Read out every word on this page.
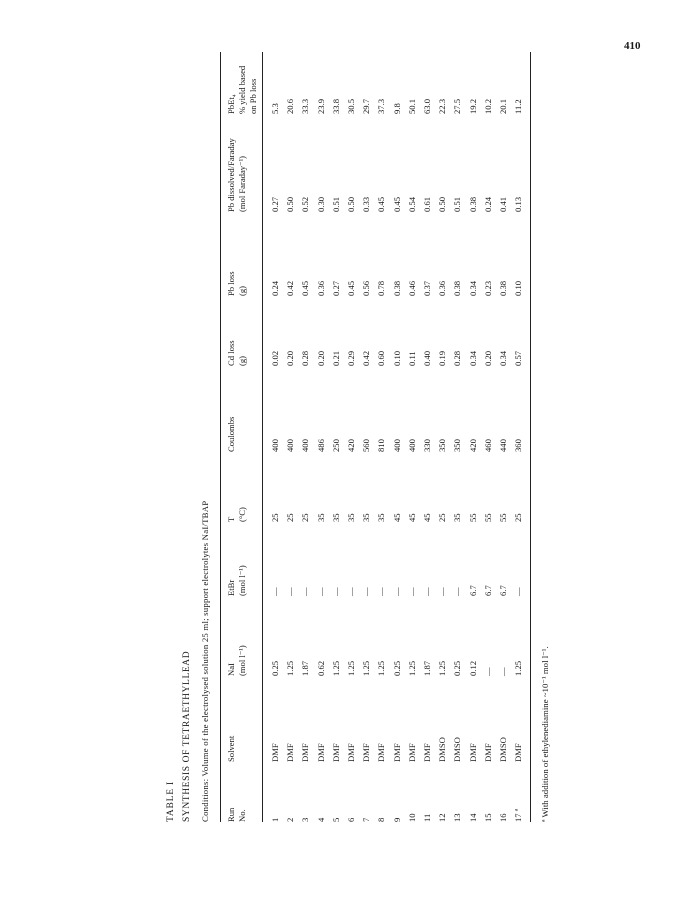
410
TABLE I SYNTHESIS OF TETRAETHYLLEAD Conditions: Volume of the electrolysed solution 25 ml; support electrolytes NaI/TBAP Run No.
Solvent

NaI (mol l⁻¹)
EtBr (mol l⁻¹)
T (°C)
Coulombs

Cd loss (g)
Pb loss (g)
Pb dissolved/Faraday (mol Faraday⁻¹)
PbEt₄ % yield based on Pb loss
1
DMF
0.25
—
25
400
0.02
0.24
0.27
5.3
2
DMF
1.25
—
25
400
0.20
0.42
0.50
20.6
3
DMF
1.87
—
25
400
0.28
0.45
0.52
33.3
4
DMF
0.62
—
35
486
0.20
0.36
0.30
23.9
5
DMF
1.25
—
35
250
0.21
0.27
0.51
33.8
6
DMF
1.25
—
35
420
0.29
0.45
0.50
30.5
7
DMF
1.25
—
35
560
0.42
0.56
0.33
29.7
8
DMF
1.25
—
35
810
0.60
0.78
0.45
37.3
9
DMF
0.25
—
45
400
0.10
0.38
0.45
9.8
10
DMF
1.25
—
45
400
0.11
0.46
0.54
50.1
11
DMF
1.87
—
45
330
0.40
0.37
0.61
63.0
12
DMSO
1.25
—
25
350
0.19
0.36
0.50
22.3
13
DMSO
0.25
—
35
350
0.28
0.38
0.51
27.5
14
DMF
0.12
6.7
55
420
0.34
0.34
0.38
19.2
15
DMF
—
6.7
55
460
0.20
0.23
0.24
10.2
16
DMSO
—
6.7
55
440
0.34
0.38
0.41
20.1
17 ª
DMF
1.25
—
25
360
0.57
0.10
0.13
11.2
ª With addition of ethylenediamine ~10⁻¹ mol l⁻¹.
